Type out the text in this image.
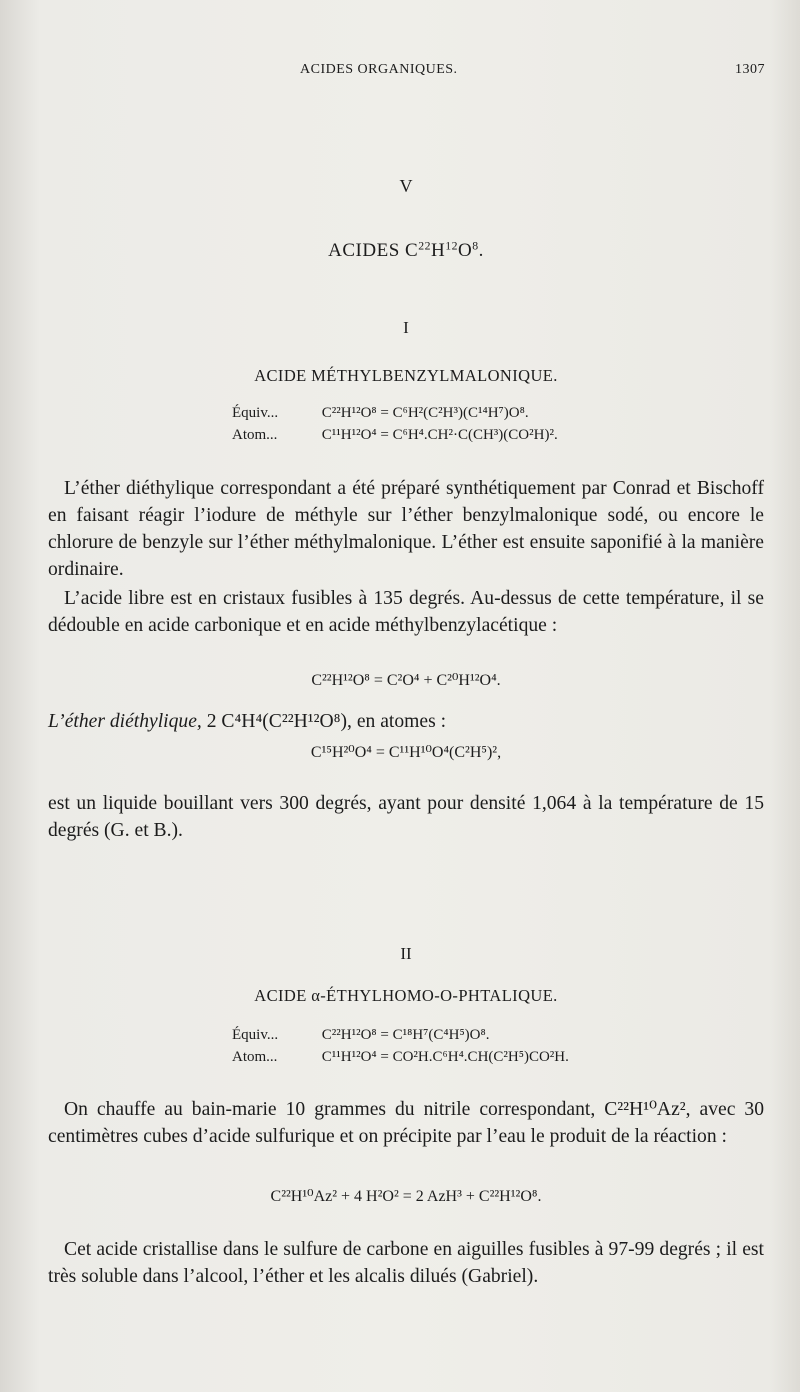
ACIDES ORGANIQUES.	1307
V
ACIDES $C^{22}H^{12}O^8$.
I
ACIDE MÉTHYLBENZYLMALONIQUE.
Équiv...	C²²H¹²O⁸ = C⁶H²(C²H³)(C¹⁴H⁷)O⁸.
Atom...	C¹¹H¹²O⁴ = C⁶H⁴.CH²·C(CH³)(CO²H)².

L’éther diéthylique correspondant a été préparé synthétiquement par Conrad et Bischoff en faisant réagir l’iodure de méthyle sur l’éther benzylmalonique sodé, ou encore le chlorure de benzyle sur l’éther méthylmalonique. L’éther est ensuite saponifié à la manière ordinaire.

L’acide libre est en cristaux fusibles à 135 degrés. Au-dessus de cette température, il se dédouble en acide carbonique et en acide méthylbenzylacétique :

C²²H¹²O⁸ = C²O⁴ + C²⁰H¹²O⁴.

L’éther diéthylique, 2 C⁴H⁴(C²²H¹²O⁸), en atomes :

C¹⁵H²⁰O⁴ = C¹¹H¹⁰O⁴(C²H⁵)²,

est un liquide bouillant vers 300 degrés, ayant pour densité 1,064 à la température de 15 degrés (G. et B.).

II
ACIDE α-ÉTHYLHOMO-O-PHTALIQUE.
Équiv...	C²²H¹²O⁸ = C¹⁸H⁷(C⁴H⁵)O⁸.
Atom...	C¹¹H¹²O⁴ = CO²H.C⁶H⁴.CH(C²H⁵)CO²H.

On chauffe au bain-marie 10 grammes du nitrile correspondant, C²²H¹⁰Az², avec 30 centimètres cubes d’acide sulfurique et on précipite par l’eau le produit de la réaction :

C²²H¹⁰Az² + 4 H²O² = 2 AzH³ + C²²H¹²O⁸.

Cet acide cristallise dans le sulfure de carbone en aiguilles fusibles à 97-99 degrés ; il est très soluble dans l’alcool, l’éther et les alcalis dilués (Gabriel).
